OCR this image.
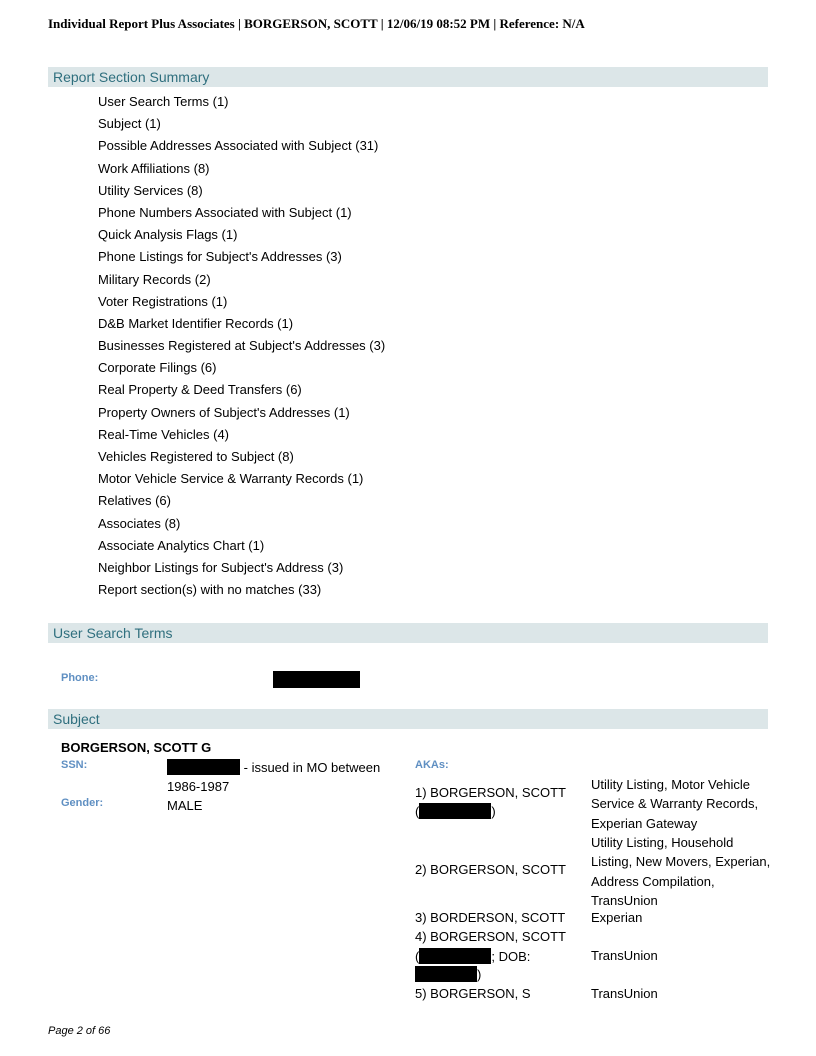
Individual Report Plus Associates | BORGERSON, SCOTT | 12/06/19 08:52 PM | Reference: N/A
Report Section Summary
User Search Terms (1)
Subject (1)
Possible Addresses Associated with Subject (31)
Work Affiliations (8)
Utility Services (8)
Phone Numbers Associated with Subject (1)
Quick Analysis Flags (1)
Phone Listings for Subject's Addresses (3)
Military Records (2)
Voter Registrations (1)
D&B Market Identifier Records (1)
Businesses Registered at Subject's Addresses (3)
Corporate Filings (6)
Real Property & Deed Transfers (6)
Property Owners of Subject's Addresses (1)
Real-Time Vehicles (4)
Vehicles Registered to Subject (8)
Motor Vehicle Service & Warranty Records (1)
Relatives (6)
Associates (8)
Associate Analytics Chart (1)
Neighbor Listings for Subject's Address (3)
Report section(s) with no matches (33)
User Search Terms
Phone:
Subject
BORGERSON, SCOTT G
SSN:	- issued in MO between
1986-1987
Gender:	MALE
AKAs:
1) BORGERSON, SCOTT
(	)
Utility Listing, Motor Vehicle
Service & Warranty Records,
Experian Gateway
2) BORGERSON, SCOTT
Utility Listing, Household
Listing, New Movers, Experian,
Address Compilation,
TransUnion
3) BORDERSON, SCOTT Experian
4) BORGERSON, SCOTT
(	; DOB:
)
TransUnion
5) BORGERSON, S	TransUnion
Page 2 of 66
